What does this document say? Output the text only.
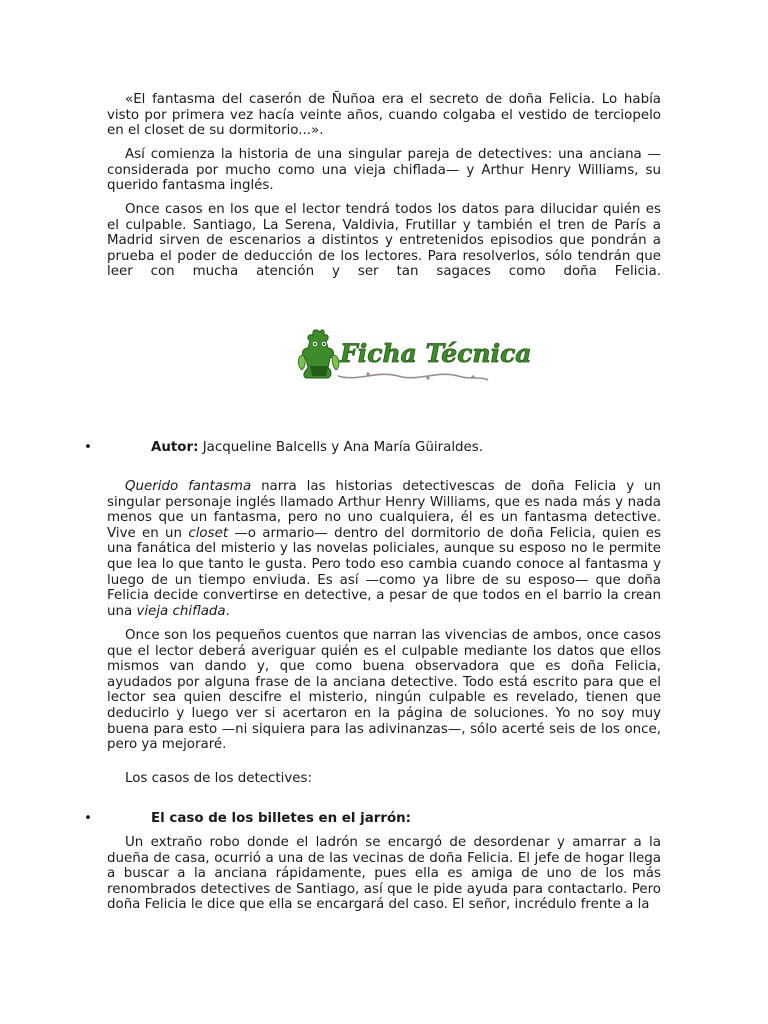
«El fantasma del caserón de Ñuñoa era el secreto de doña Felicia. Lo había visto por primera vez hacía veinte años, cuando colgaba el vestido de terciopelo en el closet de su dormitorio...».

Así comienza la historia de una singular pareja de detectives: una anciana —considerada por mucho como una vieja chiflada— y Arthur Henry Williams, su querido fantasma inglés.

Once casos en los que el lector tendrá todos los datos para dilucidar quién es el culpable. Santiago, La Serena, Valdivia, Frutillar y también el tren de París a Madrid sirven de escenarios a distintos y entretenidos episodios que pondrán a prueba el poder de deducción de los lectores. Para resolverlos, sólo tendrán que leer con mucha atención y ser tan sagaces como doña Felicia.

Ficha Técnica
•	Autor: Jacqueline Balcells y Ana María Güiraldes.

Querido fantasma narra las historias detectivescas de doña Felicia y un singular personaje inglés llamado Arthur Henry Williams, que es nada más y nada menos que un fantasma, pero no uno cualquiera, él es un fantasma detective. Vive en un closet —o armario— dentro del dormitorio de doña Felicia, quien es una fanática del misterio y las novelas policiales, aunque su esposo no le permite que lea lo que tanto le gusta. Pero todo eso cambia cuando conoce al fantasma y luego de un tiempo enviuda. Es así —como ya libre de su esposo— que doña Felicia decide convertirse en detective, a pesar de que todos en el barrio la crean una vieja chiflada.

Once son los pequeños cuentos que narran las vivencias de ambos, once casos que el lector deberá averiguar quién es el culpable mediante los datos que ellos mismos van dando y, que como buena observadora que es doña Felicia, ayudados por alguna frase de la anciana detective. Todo está escrito para que el lector sea quien descifre el misterio, ningún culpable es revelado, tienen que deducirlo y luego ver si acertaron en la página de soluciones. Yo no soy muy buena para esto —ni siquiera para las adivinanzas—, sólo acerté seis de los once, pero ya mejoraré.

Los casos de los detectives:

•	El caso de los billetes en el jarrón:

Un extraño robo donde el ladrón se encargó de desordenar y amarrar a la dueña de casa, ocurrió a una de las vecinas de doña Felicia. El jefe de hogar llega a buscar a la anciana rápidamente, pues ella es amiga de uno de los más renombrados detectives de Santiago, así que le pide ayuda para contactarlo. Pero doña Felicia le dice que ella se encargará del caso. El señor, incrédulo frente a la
